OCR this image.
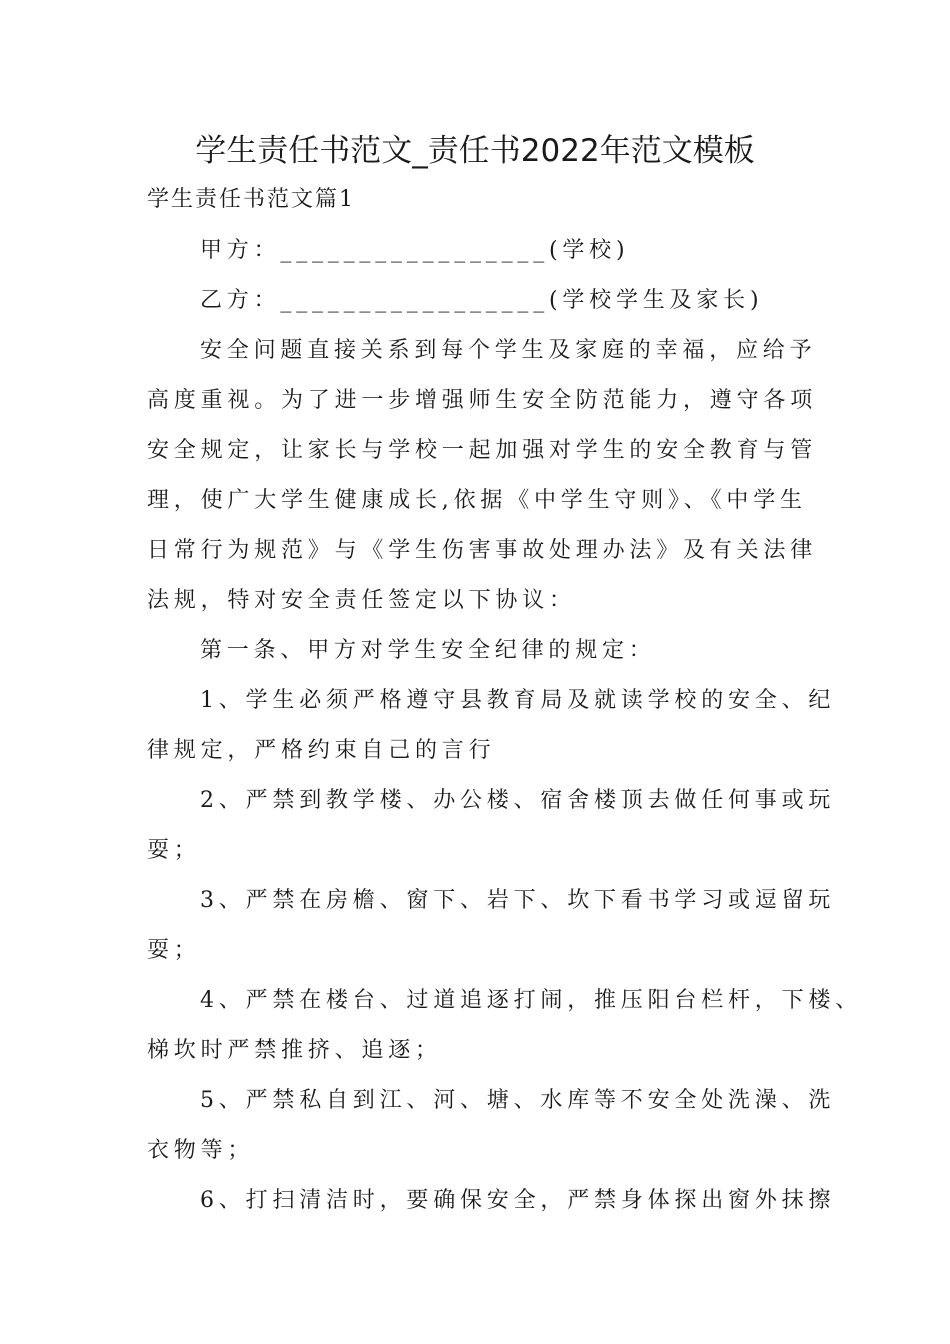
学生责任书范文_责任书2022年范文模板
学生责任书范文篇1
甲方：_________________(学校)
乙方：_________________(学校学生及家长)
安全问题直接关系到每个学生及家庭的幸福，应给予
高度重视。为了进一步增强师生安全防范能力，遵守各项
安全规定，让家长与学校一起加强对学生的安全教育与管
理，使广大学生健康成长,依据《中学生守则》、《中学生
日常行为规范》与《学生伤害事故处理办法》及有关法律
法规，特对安全责任签定以下协议：
第一条、甲方对学生安全纪律的规定：
1、学生必须严格遵守县教育局及就读学校的安全、纪
律规定，严格约束自己的言行
2、严禁到教学楼、办公楼、宿舍楼顶去做任何事或玩
耍；
3、严禁在房檐、窗下、岩下、坎下看书学习或逗留玩
耍；
4、严禁在楼台、过道追逐打闹，推压阳台栏杆，下楼、
梯坎时严禁推挤、追逐；
5、严禁私自到江、河、塘、水库等不安全处洗澡、洗
衣物等；
6、打扫清洁时，要确保安全，严禁身体探出窗外抹擦
